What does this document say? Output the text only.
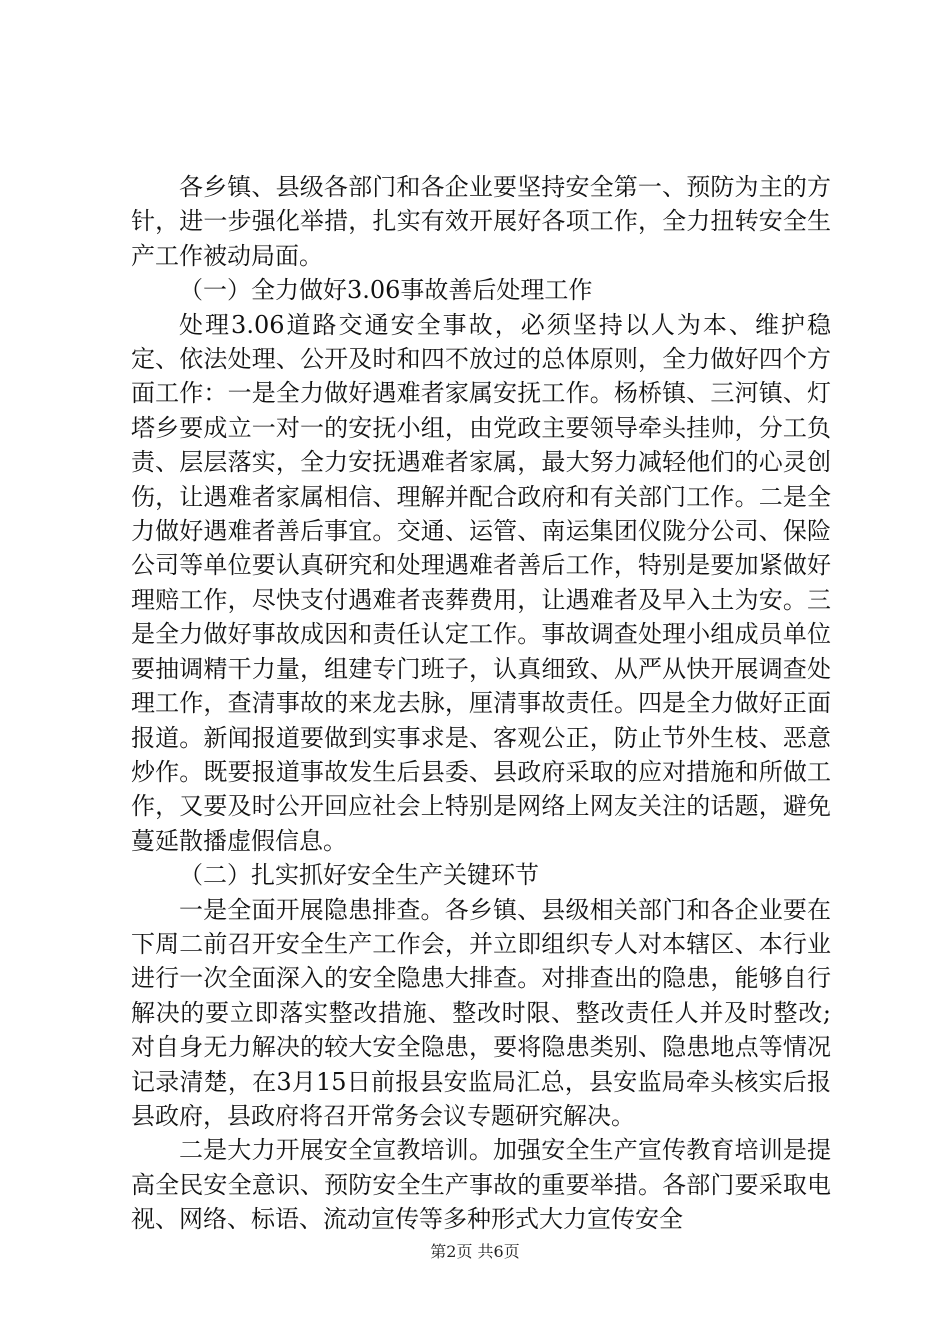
各乡镇、县级各部门和各企业要坚持安全第一、预防为主的方针，进一步强化举措，扎实有效开展好各项工作，全力扭转安全生产工作被动局面。

（一）全力做好3.06事故善后处理工作

处理3.06道路交通安全事故，必须坚持以人为本、维护稳定、依法处理、公开及时和四不放过的总体原则，全力做好四个方面工作：一是全力做好遇难者家属安抚工作。杨桥镇、三河镇、灯塔乡要成立一对一的安抚小组，由党政主要领导牵头挂帅，分工负责、层层落实，全力安抚遇难者家属，最大努力减轻他们的心灵创伤，让遇难者家属相信、理解并配合政府和有关部门工作。二是全力做好遇难者善后事宜。交通、运管、南运集团仪陇分公司、保险公司等单位要认真研究和处理遇难者善后工作，特别是要加紧做好理赔工作，尽快支付遇难者丧葬费用，让遇难者及早入土为安。三是全力做好事故成因和责任认定工作。事故调查处理小组成员单位要抽调精干力量，组建专门班子，认真细致、从严从快开展调查处理工作，查清事故的来龙去脉，厘清事故责任。四是全力做好正面报道。新闻报道要做到实事求是、客观公正，防止节外生枝、恶意炒作。既要报道事故发生后县委、县政府采取的应对措施和所做工作，又要及时公开回应社会上特别是网络上网友关注的话题，避免蔓延散播虚假信息。

（二）扎实抓好安全生产关键环节

一是全面开展隐患排查。各乡镇、县级相关部门和各企业要在下周二前召开安全生产工作会，并立即组织专人对本辖区、本行业进行一次全面深入的安全隐患大排查。对排查出的隐患，能够自行解决的要立即落实整改措施、整改时限、整改责任人并及时整改;对自身无力解决的较大安全隐患，要将隐患类别、隐患地点等情况记录清楚，在3月15日前报县安监局汇总，县安监局牵头核实后报县政府，县政府将召开常务会议专题研究解决。

二是大力开展安全宣教培训。加强安全生产宣传教育培训是提高全民安全意识、预防安全生产事故的重要举措。各部门要采取电视、网络、标语、流动宣传等多种形式大力宣传安全

第2页 共6页
